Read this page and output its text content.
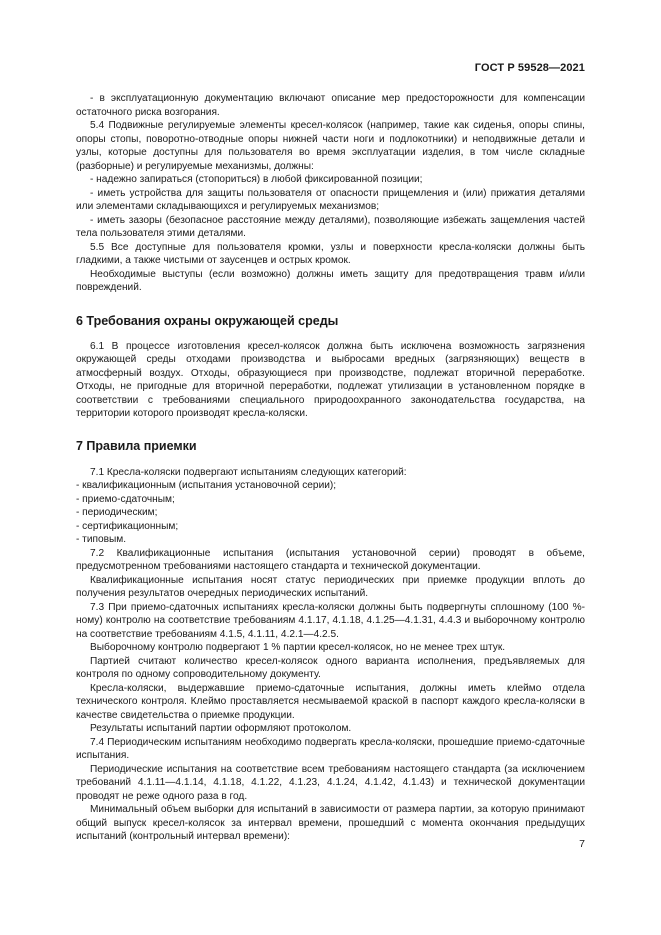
ГОСТ Р 59528—2021

- в эксплуатационную документацию включают описание мер предосторожности для компенсации остаточного риска возгорания.

5.4 Подвижные регулируемые элементы кресел-колясок (например, такие как сиденья, опоры спины, опоры стопы, поворотно-отводные опоры нижней части ноги и подлокотники) и неподвижные детали и узлы, которые доступны для пользователя во время эксплуатации изделия, в том числе складные (разборные) и регулируемые механизмы, должны:

- надежно запираться (стопориться) в любой фиксированной позиции;

- иметь устройства для защиты пользователя от опасности прищемления и (или) прижатия деталями или элементами складывающихся и регулируемых механизмов;

- иметь зазоры (безопасное расстояние между деталями), позволяющие избежать защемления частей тела пользователя этими деталями.

5.5 Все доступные для пользователя кромки, узлы и поверхности кресла-коляски должны быть гладкими, а также чистыми от заусенцев и острых кромок.

Необходимые выступы (если возможно) должны иметь защиту для предотвращения травм и/или повреждений.

6 Требования охраны окружающей среды

6.1 В процессе изготовления кресел-колясок должна быть исключена возможность загрязнения окружающей среды отходами производства и выбросами вредных (загрязняющих) веществ в атмосферный воздух. Отходы, образующиеся при производстве, подлежат вторичной переработке. Отходы, не пригодные для вторичной переработки, подлежат утилизации в установленном порядке в соответствии с требованиями специального природоохранного законодательства государства, на территории которого производят кресла-коляски.

7 Правила приемки

7.1 Кресла-коляски подвергают испытаниям следующих категорий:

- квалификационным (испытания установочной серии);

- приемо-сдаточным;

- периодическим;

- сертификационным;

- типовым.

7.2 Квалификационные испытания (испытания установочной серии) проводят в объеме, предусмотренном требованиями настоящего стандарта и технической документации.

Квалификационные испытания носят статус периодических при приемке продукции вплоть до получения результатов очередных периодических испытаний.

7.3 При приемо-сдаточных испытаниях кресла-коляски должны быть подвергнуты сплошному (100 %-ному) контролю на соответствие требованиям 4.1.17, 4.1.18, 4.1.25—4.1.31, 4.4.3 и выборочному контролю на соответствие требованиям 4.1.5, 4.1.11, 4.2.1—4.2.5.

Выборочному контролю подвергают 1 % партии кресел-колясок, но не менее трех штук.

Партией считают количество кресел-колясок одного варианта исполнения, предъявляемых для контроля по одному сопроводительному документу.

Кресла-коляски, выдержавшие приемо-сдаточные испытания, должны иметь клеймо отдела технического контроля. Клеймо проставляется несмываемой краской в паспорт каждого кресла-коляски в качестве свидетельства о приемке продукции.

Результаты испытаний партии оформляют протоколом.

7.4 Периодическим испытаниям необходимо подвергать кресла-коляски, прошедшие приемо-сдаточные испытания.

Периодические испытания на соответствие всем требованиям настоящего стандарта (за исключением требований 4.1.11—4.1.14, 4.1.18, 4.1.22, 4.1.23, 4.1.24, 4.1.42, 4.1.43) и технической документации проводят не реже одного раза в год.

Минимальный объем выборки для испытаний в зависимости от размера партии, за которую принимают общий выпуск кресел-колясок за интервал времени, прошедший с момента окончания предыдущих испытаний (контрольный интервал времени):

7
